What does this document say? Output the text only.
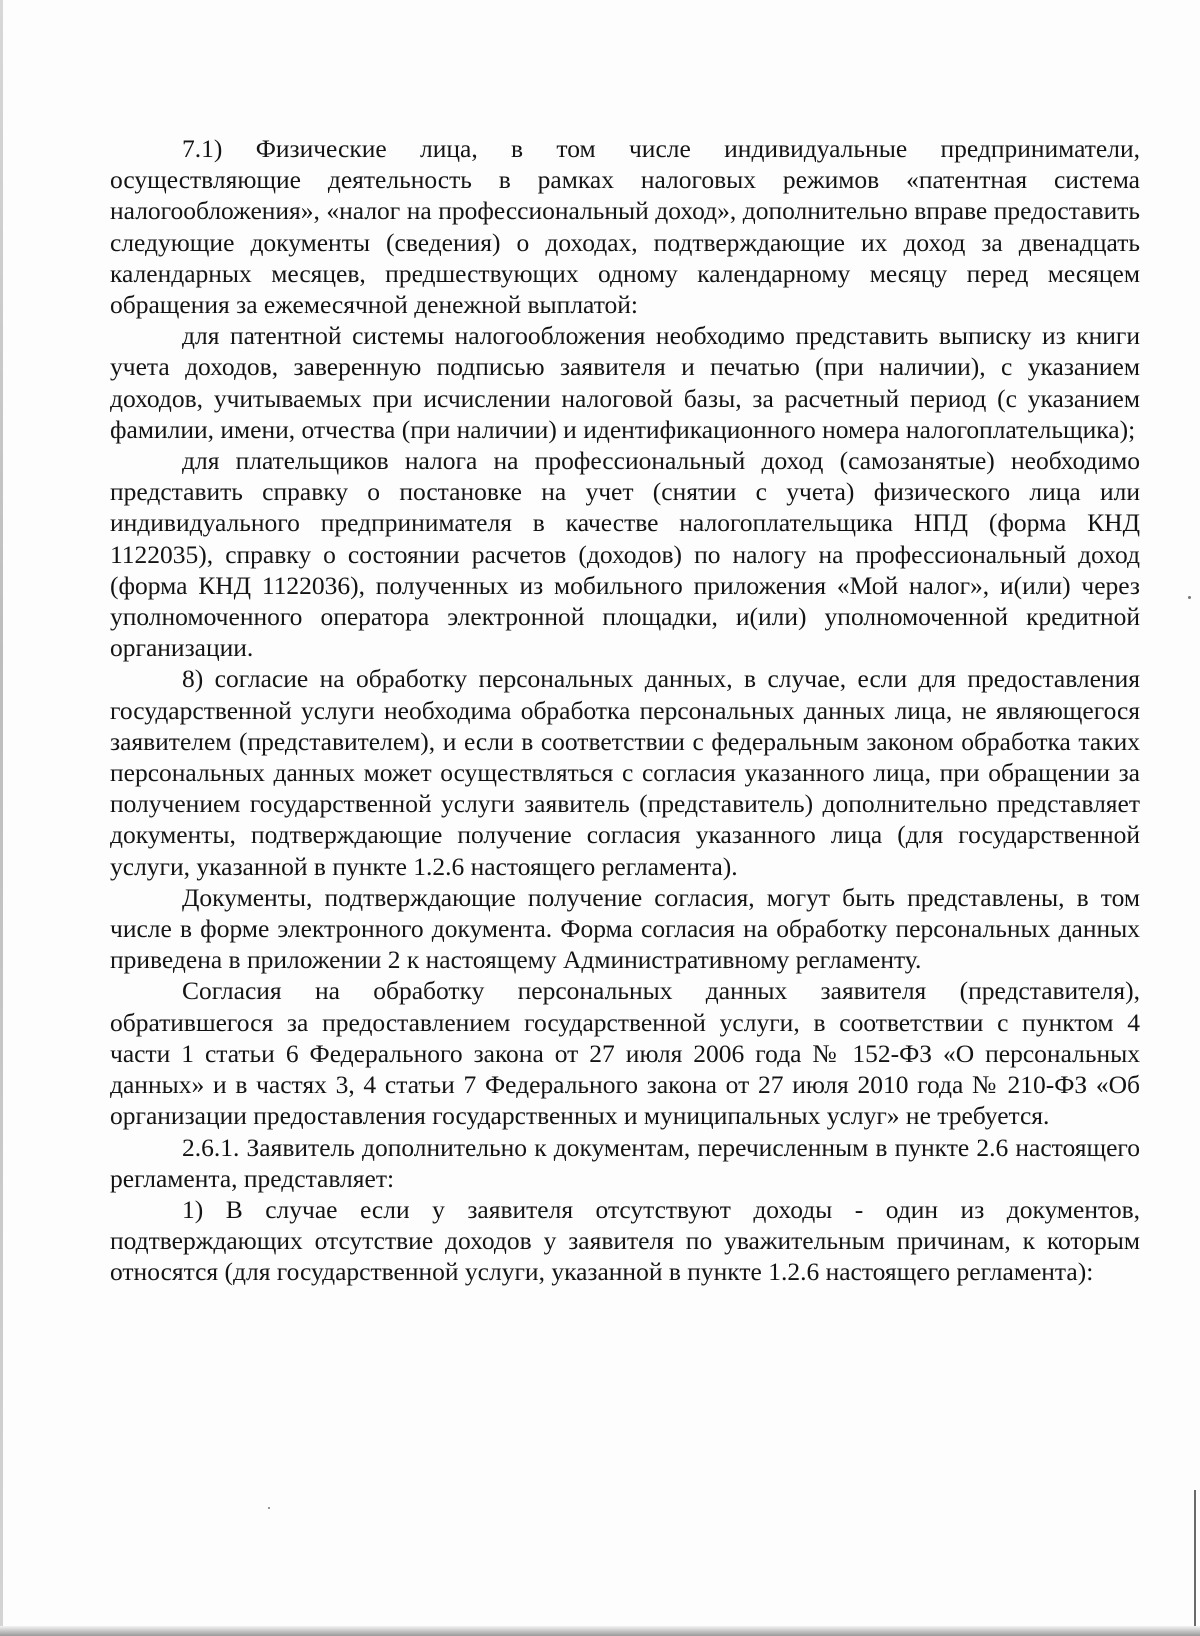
7.1) Физические лица, в том числе индивидуальные предприниматели, осуществляющие деятельность в рамках налоговых режимов «патентная система налогообложения», «налог на профессиональный доход», дополнительно вправе предоставить следующие документы (сведения) о доходах, подтверждающие их доход за двенадцать календарных месяцев, предшествующих одному календарному месяцу перед месяцем обращения за ежемесячной денежной выплатой:

для патентной системы налогообложения необходимо представить выписку из книги учета доходов, заверенную подписью заявителя и печатью (при наличии), с указанием доходов, учитываемых при исчислении налоговой базы, за расчетный период (с указанием фамилии, имени, отчества (при наличии) и идентификационного номера налогоплательщика);

для плательщиков налога на профессиональный доход (самозанятые) необходимо представить справку о постановке на учет (снятии с учета) физического лица или индивидуального предпринимателя в качестве налогоплательщика НПД (форма КНД 1122035), справку о состоянии расчетов (доходов) по налогу на профессиональный доход (форма КНД 1122036), полученных из мобильного приложения «Мой налог», и(или) через уполномоченного оператора электронной площадки, и(или) уполномоченной кредитной организации.

8) согласие на обработку персональных данных, в случае, если для предоставления государственной услуги необходима обработка персональных данных лица, не являющегося заявителем (представителем), и если в соответствии с федеральным законом обработка таких персональных данных может осуществляться с согласия указанного лица, при обращении за получением государственной услуги заявитель (представитель) дополнительно представляет документы, подтверждающие получение согласия указанного лица (для государственной услуги, указанной в пункте 1.2.6 настоящего регламента).

Документы, подтверждающие получение согласия, могут быть представлены, в том числе в форме электронного документа. Форма согласия на обработку персональных данных приведена в приложении 2 к настоящему Административному регламенту.

Согласия на обработку персональных данных заявителя (представителя), обратившегося за предоставлением государственной услуги, в соответствии с пунктом 4 части 1 статьи 6 Федерального закона от 27 июля 2006 года № 152-ФЗ «О персональных данных» и в частях 3, 4 статьи 7 Федерального закона от 27 июля 2010 года № 210-ФЗ «Об организации предоставления государственных и муниципальных услуг» не требуется.

2.6.1. Заявитель дополнительно к документам, перечисленным в пункте 2.6 настоящего регламента, представляет:

1) В случае если у заявителя отсутствуют доходы - один из документов, подтверждающих отсутствие доходов у заявителя по уважительным причинам, к которым относятся (для государственной услуги, указанной в пункте 1.2.6 настоящего регламента):
